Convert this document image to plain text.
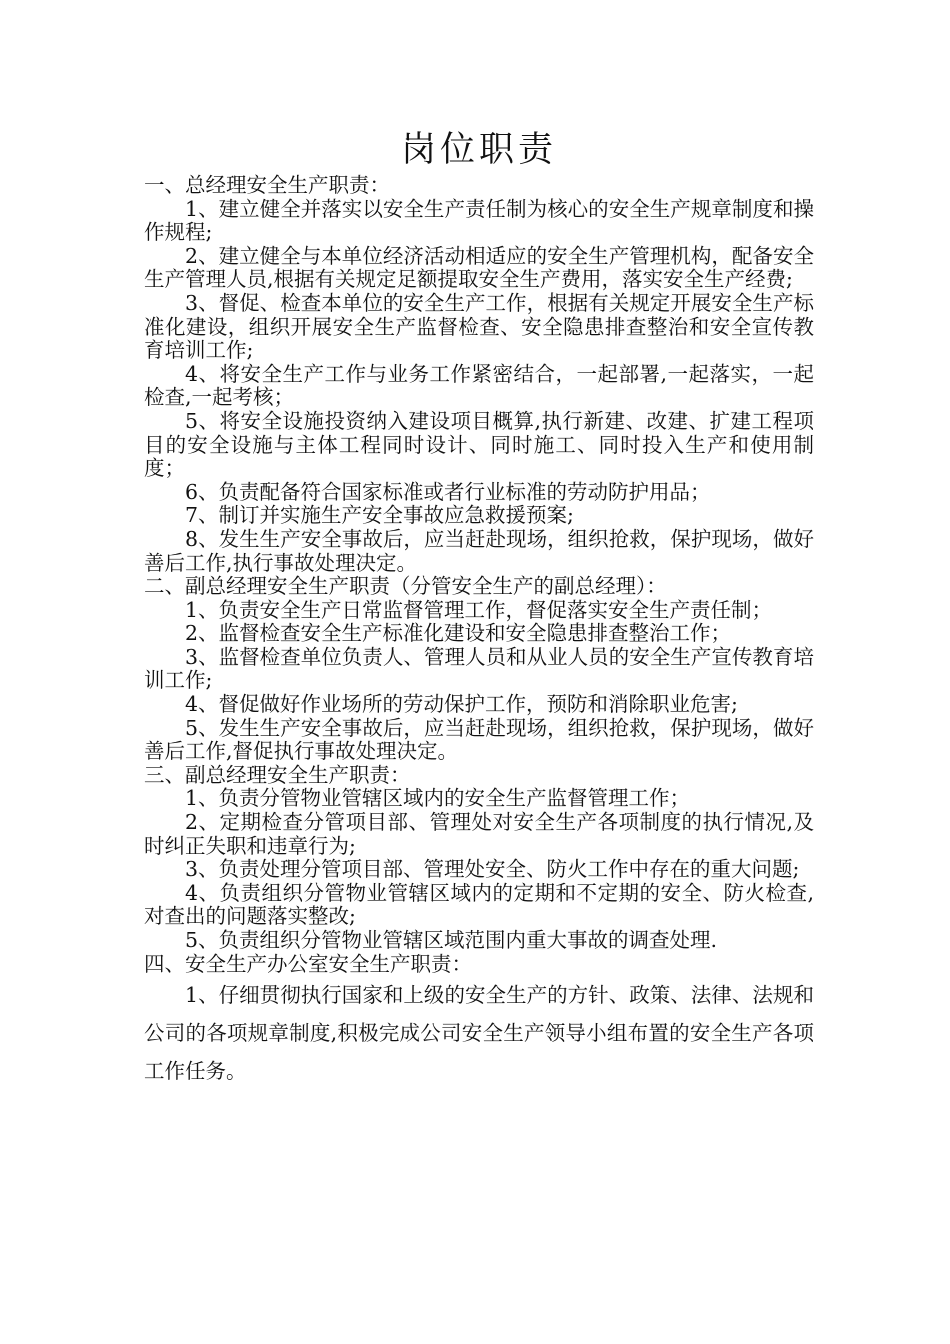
岗位职责

一、总经理安全生产职责：

1、建立健全并落实以安全生产责任制为核心的安全生产规章制度和操作规程;

2、建立健全与本单位经济活动相适应的安全生产管理机构，配备安全生产管理人员,根据有关规定足额提取安全生产费用，落实安全生产经费;

3、督促、检查本单位的安全生产工作，根据有关规定开展安全生产标准化建设，组织开展安全生产监督检查、安全隐患排查整治和安全宣传教育培训工作;

4、将安全生产工作与业务工作紧密结合，一起部署,一起落实，一起检查,一起考核；

5、将安全设施投资纳入建设项目概算,执行新建、改建、扩建工程项目的安全设施与主体工程同时设计、同时施工、同时投入生产和使用制度；

6、负责配备符合国家标准或者行业标准的劳动防护用品；

7、制订并实施生产安全事故应急救援预案;

8、发生生产安全事故后，应当赶赴现场，组织抢救，保护现场，做好善后工作,执行事故处理决定。

二、副总经理安全生产职责（分管安全生产的副总经理）：

1、负责安全生产日常监督管理工作，督促落实安全生产责任制；

2、监督检查安全生产标准化建设和安全隐患排查整治工作；

3、监督检查单位负责人、管理人员和从业人员的安全生产宣传教育培训工作;

4、督促做好作业场所的劳动保护工作，预防和消除职业危害;

5、发生生产安全事故后，应当赶赴现场，组织抢救，保护现场，做好善后工作,督促执行事故处理决定。

三、副总经理安全生产职责：

1、负责分管物业管辖区域内的安全生产监督管理工作；

2、定期检查分管项目部、管理处对安全生产各项制度的执行情况,及时纠正失职和违章行为;

3、负责处理分管项目部、管理处安全、防火工作中存在的重大问题;

4、负责组织分管物业管辖区域内的定期和不定期的安全、防火检查,对查出的问题落实整改;

5、负责组织分管物业管辖区域范围内重大事故的调查处理.

四、安全生产办公室安全生产职责：

1、仔细贯彻执行国家和上级的安全生产的方针、政策、法律、法规和公司的各项规章制度,积极完成公司安全生产领导小组布置的安全生产各项工作任务。
